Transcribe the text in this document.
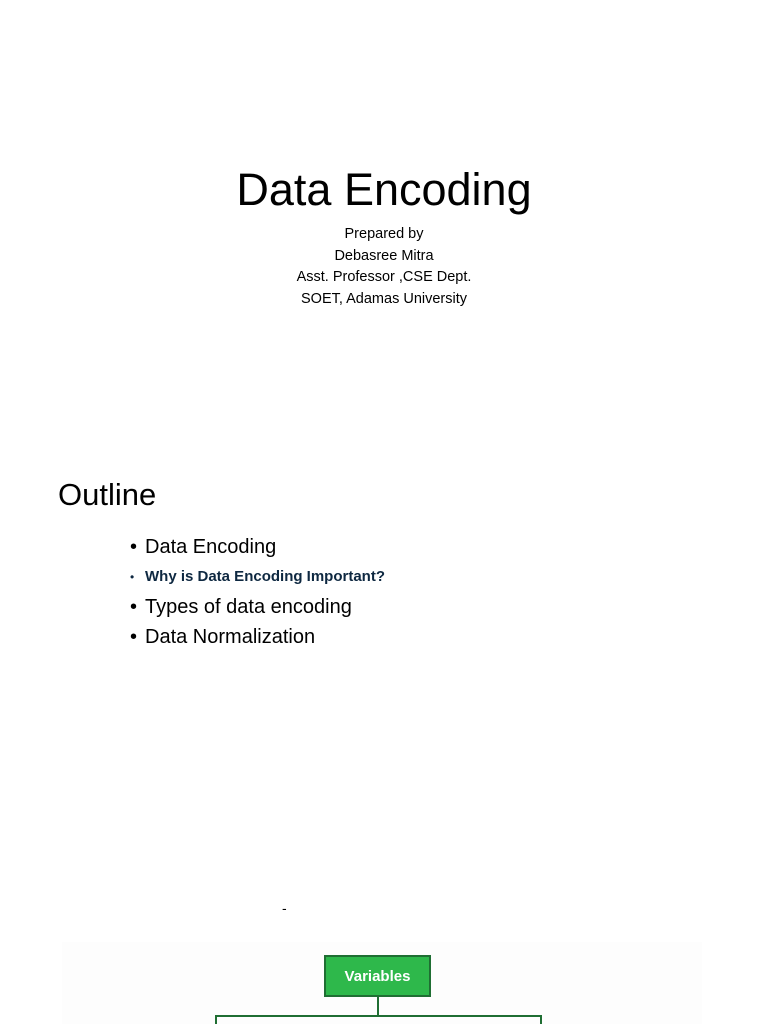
Data Encoding
Prepared by
Debasree Mitra
Asst. Professor ,CSE Dept.
SOET, Adamas University
Outline
• Data Encoding
• Why is Data Encoding Important?
• Types of data encoding
• Data Normalization
-
Variables
